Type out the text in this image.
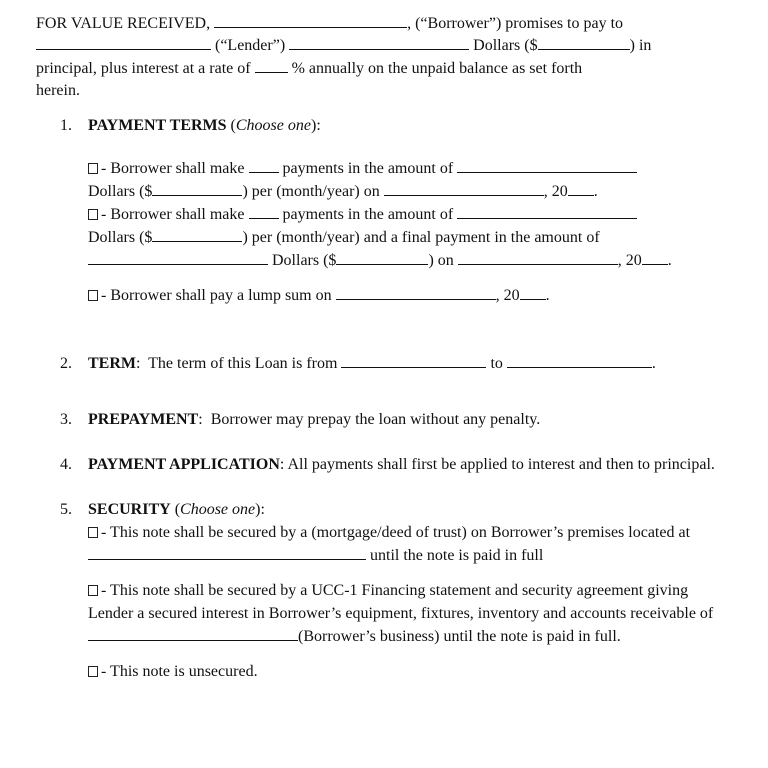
FOR VALUE RECEIVED,	, (“Borrower”) promises to pay to
(“Lender”)	Dollars ($	) in
principal, plus interest at a rate of	% annually on the unpaid balance as set forth
herein.

1. PAYMENT TERMS (Choose one):
- Borrower shall make payments in the amount of
Dollars ($	) per (month/year) on	, 20 .
- Borrower shall make payments in the amount of
Dollars ($	) per (month/year) and a final payment in the amount of
Dollars ($	) on	, 20 .
- Borrower shall pay a lump sum on	, 20 .
2. TERM:  The term of this Loan is from	to	.
3. PREPAYMENT:  Borrower may prepay the loan without any penalty.
4. PAYMENT APPLICATION: All payments shall first be applied to interest and then to principal.
5. SECURITY (Choose one):
- This note shall be secured by a (mortgage/deed of trust) on Borrower’s premises located at  until the note is paid in full
- This note shall be secured by a UCC-1 Financing statement and security agreement giving Lender a secured interest in Borrower’s equipment, fixtures, inventory and accounts receivable of (Borrower’s business) until the note is paid in full.
- This note is unsecured.
